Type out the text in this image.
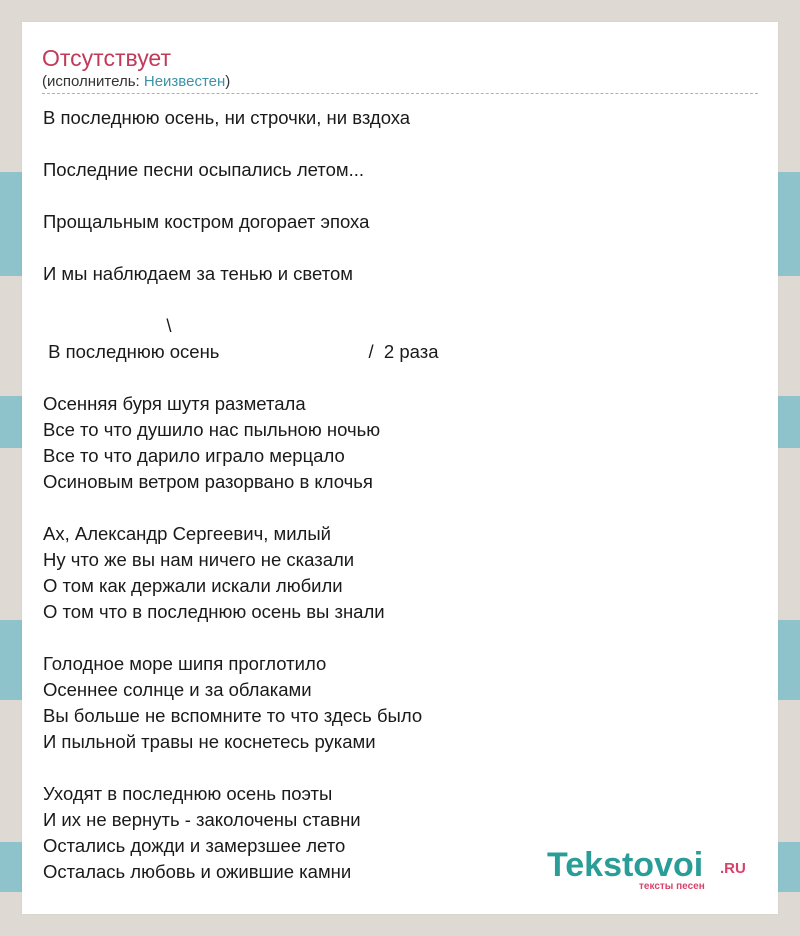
Отсутствует
(исполнитель: Неизвестен)
В последнюю осень, ни строчки, ни вздоха
Последние песни осыпались летом...
Прощальным костром догорает эпоха
И мы наблюдаем за тенью и светом
\
В последнюю осень                             /  2 раза
Осенняя буря шутя разметала
Все то что душило нас пыльною ночью
Все то что дарило играло мерцало
Осиновым ветром разорвано в клочья
Ах, Александр Сергеевич, милый
Ну что же вы нам ничего не сказали
О том как держали искали любили
О том что в последнюю осень вы знали
Голодное море шипя проглотило
Осеннее солнце и за облаками
Вы больше не вспомните то что здесь было
И пыльной травы не коснетесь руками
Уходят в последнюю осень поэты
И их не вернуть - заколочены ставни
Остались дожди и замерзшее лето
Осталась любовь и ожившие камни	Tekstovoi .RU
тексты песен
